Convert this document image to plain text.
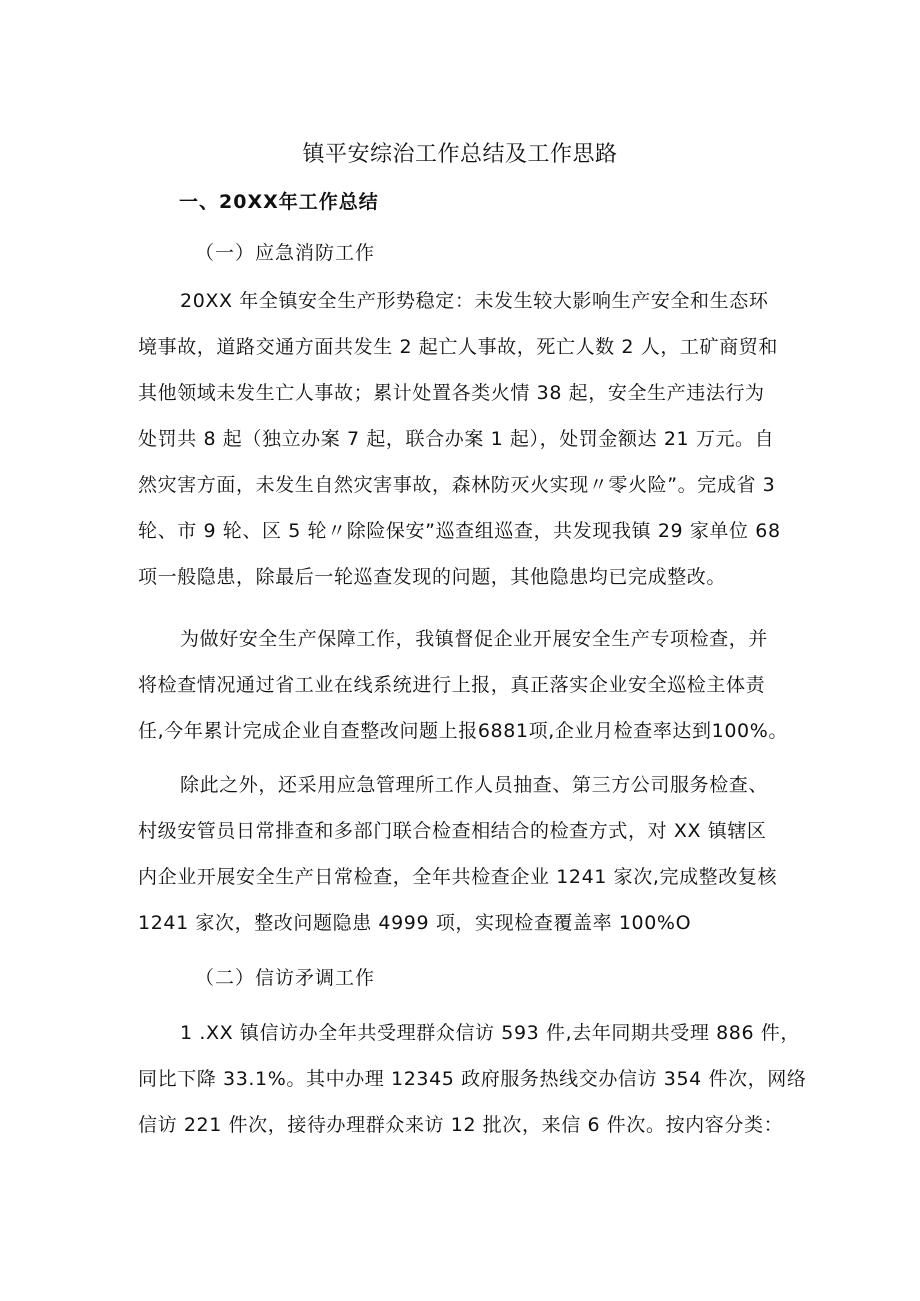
镇平安综治工作总结及工作思路
一、20XX年工作总结
（一）应急消防工作
20XX 年全镇安全生产形势稳定：未发生较大影响生产安全和生态环
境事故，道路交通方面共发生 2 起亡人事故，死亡人数 2 人，工矿商贸和
其他领域未发生亡人事故；累计处置各类火情 38 起，安全生产违法行为
处罚共 8 起（独立办案 7 起，联合办案 1 起），处罚金额达 21 万元。自
然灾害方面，未发生自然灾害事故，森林防灭火实现〃零火险”。完成省 3
轮、市 9 轮、区 5 轮〃除险保安”巡查组巡查，共发现我镇 29 家单位 68
项一般隐患，除最后一轮巡查发现的问题，其他隐患均已完成整改。
为做好安全生产保障工作，我镇督促企业开展安全生产专项检查，并
将检查情况通过省工业在线系统进行上报，真正落实企业安全巡检主体责
任,今年累计完成企业自查整改问题上报6881项,企业月检查率达到100%。
除此之外，还采用应急管理所工作人员抽查、第三方公司服务检查、
村级安管员日常排查和多部门联合检查相结合的检查方式，对 XX 镇辖区
内企业开展安全生产日常检查，全年共检查企业 1241 家次,完成整改复核
1241 家次，整改问题隐患 4999 项，实现检查覆盖率 100%O
（二）信访矛调工作
1 .XX 镇信访办全年共受理群众信访 593 件,去年同期共受理 886 件，
同比下降 33.1%。其中办理 12345 政府服务热线交办信访 354 件次，网络
信访 221 件次，接待办理群众来访 12 批次，来信 6 件次。按内容分类：
